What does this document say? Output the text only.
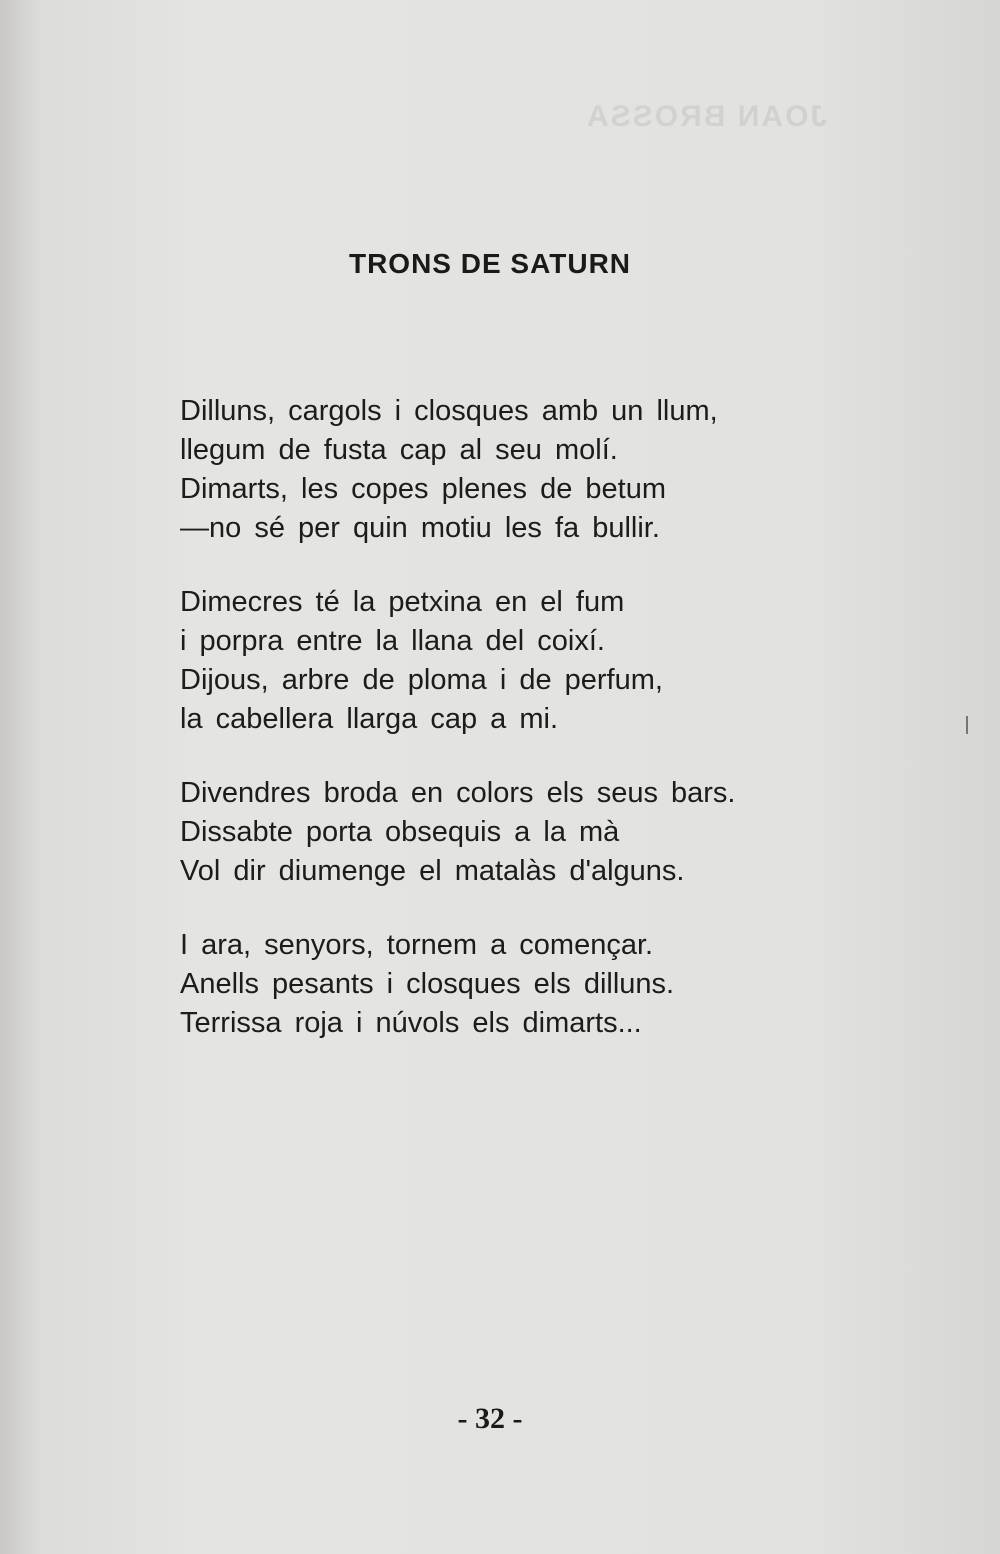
JOAN BROSSA
TRONS DE SATURN
Dilluns, cargols i closques amb un llum,
llegum de fusta cap al seu molí.
Dimarts, les copes plenes de betum
—no sé per quin motiu les fa bullir.
Dimecres té la petxina en el fum
i porpra entre la llana del coixí.
Dijous, arbre de ploma i de perfum,
la cabellera llarga cap a mi.
Divendres broda en colors els seus bars.
Dissabte porta obsequis a la mà
Vol dir diumenge el matalàs d'alguns.
I ara, senyors, tornem a començar.
Anells pesants i closques els dilluns.
Terrissa roja i núvols els dimarts...
- 32 -
